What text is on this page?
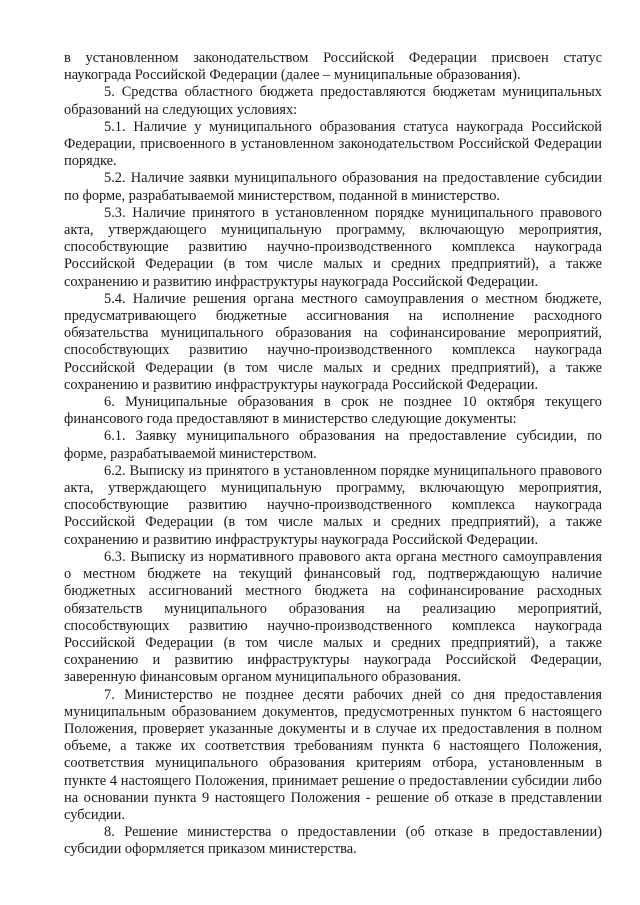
в установленном законодательством Российской Федерации присвоен статус наукограда Российской Федерации (далее – муниципальные образования).

5. Средства областного бюджета предоставляются бюджетам муниципальных образований на следующих условиях:

5.1. Наличие у муниципального образования статуса наукограда Российской Федерации, присвоенного в установленном законодательством Российской Федерации порядке.

5.2. Наличие заявки муниципального образования на предоставление субсидии по форме, разрабатываемой министерством, поданной в министерство.

5.3. Наличие принятого в установленном порядке муниципального правового акта, утверждающего муниципальную программу, включающую мероприятия, способствующие развитию научно-производственного комплекса наукограда Российской Федерации (в том числе малых и средних предприятий), а также сохранению и развитию инфраструктуры наукограда Российской Федерации.

5.4. Наличие решения органа местного самоуправления о местном бюджете, предусматривающего бюджетные ассигнования на исполнение расходного обязательства муниципального образования на софинансирование мероприятий, способствующих развитию научно-производственного комплекса наукограда Российской Федерации (в том числе малых и средних предприятий), а также сохранению и развитию инфраструктуры наукограда Российской Федерации.

6. Муниципальные образования в срок не позднее 10 октября текущего финансового года предоставляют в министерство следующие документы:

6.1. Заявку муниципального образования на предоставление субсидии, по форме, разрабатываемой министерством.

6.2. Выписку из принятого в установленном порядке муниципального правового акта, утверждающего муниципальную программу, включающую мероприятия, способствующие развитию научно-производственного комплекса наукограда Российской Федерации (в том числе малых и средних предприятий), а также сохранению и развитию инфраструктуры наукограда Российской Федерации.

6.3. Выписку из нормативного правового акта органа местного самоуправления о местном бюджете на текущий финансовый год, подтверждающую наличие бюджетных ассигнований местного бюджета на софинансирование расходных обязательств муниципального образования на реализацию мероприятий, способствующих развитию научно-производственного комплекса наукограда Российской Федерации (в том числе малых и средних предприятий), а также сохранению и развитию инфраструктуры наукограда Российской Федерации, заверенную финансовым органом муниципального образования.

7. Министерство не позднее десяти рабочих дней со дня предоставления муниципальным образованием документов, предусмотренных пунктом 6 настоящего Положения, проверяет указанные документы и в случае их предоставления в полном объеме, а также их соответствия требованиям пункта 6 настоящего Положения, соответствия муниципального образования критериям отбора, установленным в пункте 4 настоящего Положения, принимает решение о предоставлении субсидии либо на основании пункта 9 настоящего Положения - решение об отказе в представлении субсидии.

8. Решение министерства о предоставлении (об отказе в предоставлении) субсидии оформляется приказом министерства.
